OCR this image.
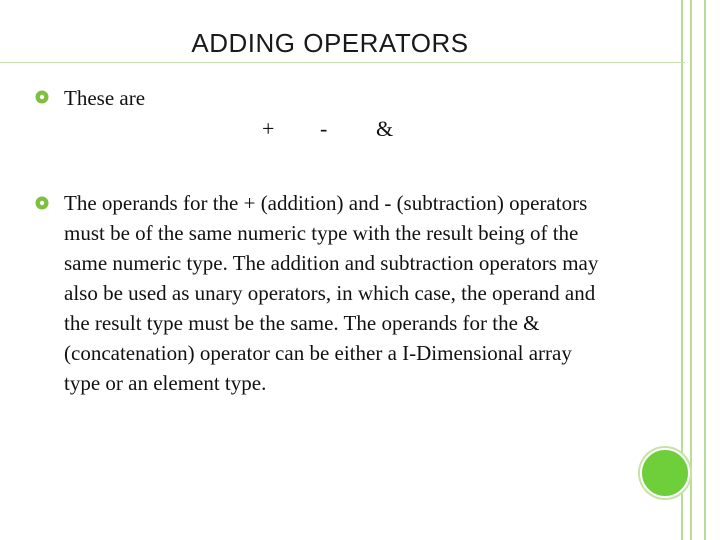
ADDING OPERATORS
These are
+ - &
The operands for the + (addition) and - (subtraction) operators must be of the same numeric type with the result being of the same numeric type. The addition and subtraction operators may also be used as unary operators, in which case, the operand and the result type must be the same. The operands for the & (concatenation) operator can be either a I-Dimensional array type or an element type.
